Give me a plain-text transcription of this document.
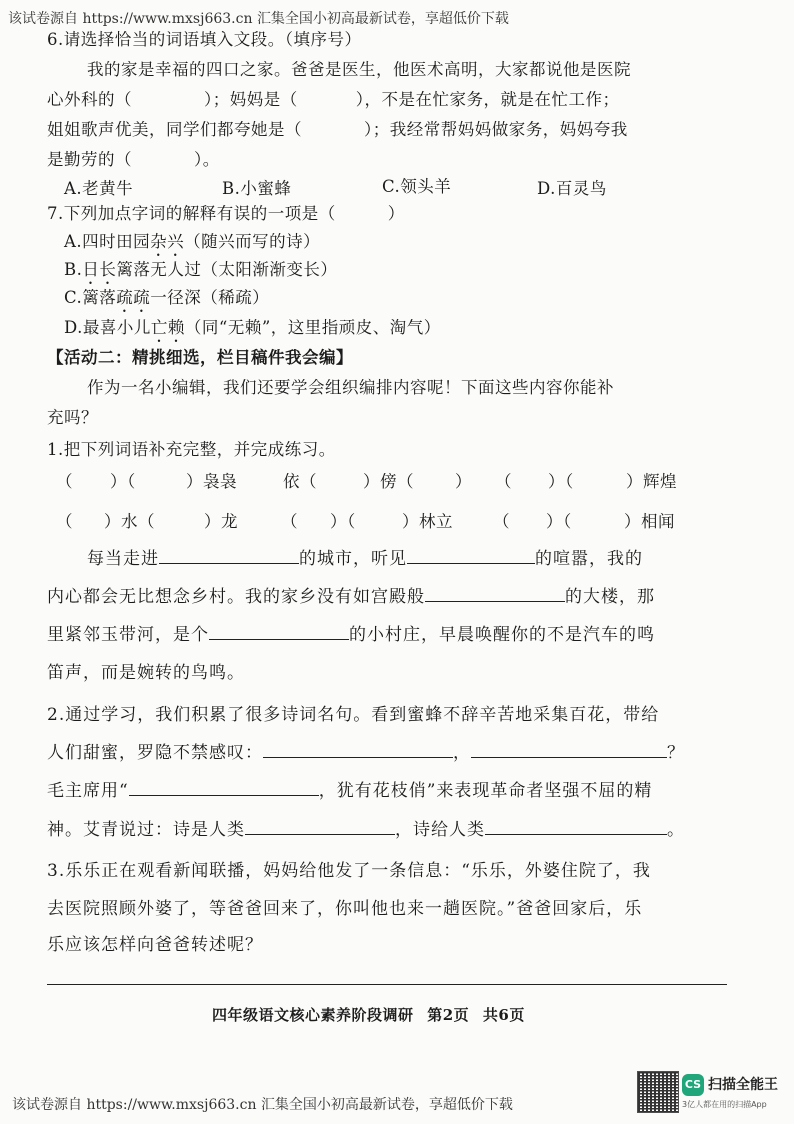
该试卷源自 https://www.mxsj663.cn 汇集全国小初高最新试卷，享超低价下载
6.请选择恰当的词语填入文段。（填序号）
我的家是幸福的四口之家。爸爸是医生，他医术高明，大家都说他是医院
心外科的（	）；妈妈是（	），不是在忙家务，就是在忙工作；
姐姐歌声优美，同学们都夸她是（	）；我经常帮妈妈做家务，妈妈夸我
是勤劳的（	）。
A.老黄牛	B.小蜜蜂	C.领头羊	D.百灵鸟
7.下列加点字词的解释有误的一项是（	）
A.四时田园杂兴（随兴而写的诗）
B.日长篱落无人过（太阳渐渐变长）
C.篱落疏疏一径深（稀疏）
D.最喜小儿亡赖（同“无赖”，这里指顽皮、淘气）
【活动二：精挑细选，栏目稿件我会编】
作为一名小编辑，我们还要学会组织编排内容呢！下面这些内容你能补
充吗？
1.把下列词语补充完整，并完成练习。
（ ）（	）袅袅	依（	）傍（ ） （ ）（	）辉煌
（ ）水（	）龙	（ ）（	）林立 （ ）（	）相闻
每当走进	的城市，听见	的喧嚣，我的
内心都会无比想念乡村。我的家乡没有如宫殿般	的大楼，那
里紧邻玉带河，是个	的小村庄，早晨唤醒你的不是汽车的鸣
笛声，而是婉转的鸟鸣。
2.通过学习，我们积累了很多诗词名句。看到蜜蜂不辞辛苦地采集百花，带给
人们甜蜜，罗隐不禁感叹：	，	？
毛主席用“	，犹有花枝俏”来表现革命者坚强不屈的精
神。艾青说过：诗是人类	，诗给人类	。
3.乐乐正在观看新闻联播，妈妈给他发了一条信息：“乐乐，外婆住院了，我
去医院照顾外婆了，等爸爸回来了，你叫他也来一趟医院。”爸爸回家后，乐
乐应该怎样向爸爸转述呢？
四年级语文核心素养阶段调研 第2页 共6页
该试卷源自 https://www.mxsj663.cn 汇集全国小初高最新试卷，享超低价下载
CS 扫描全能王
3亿人都在用的扫描App
